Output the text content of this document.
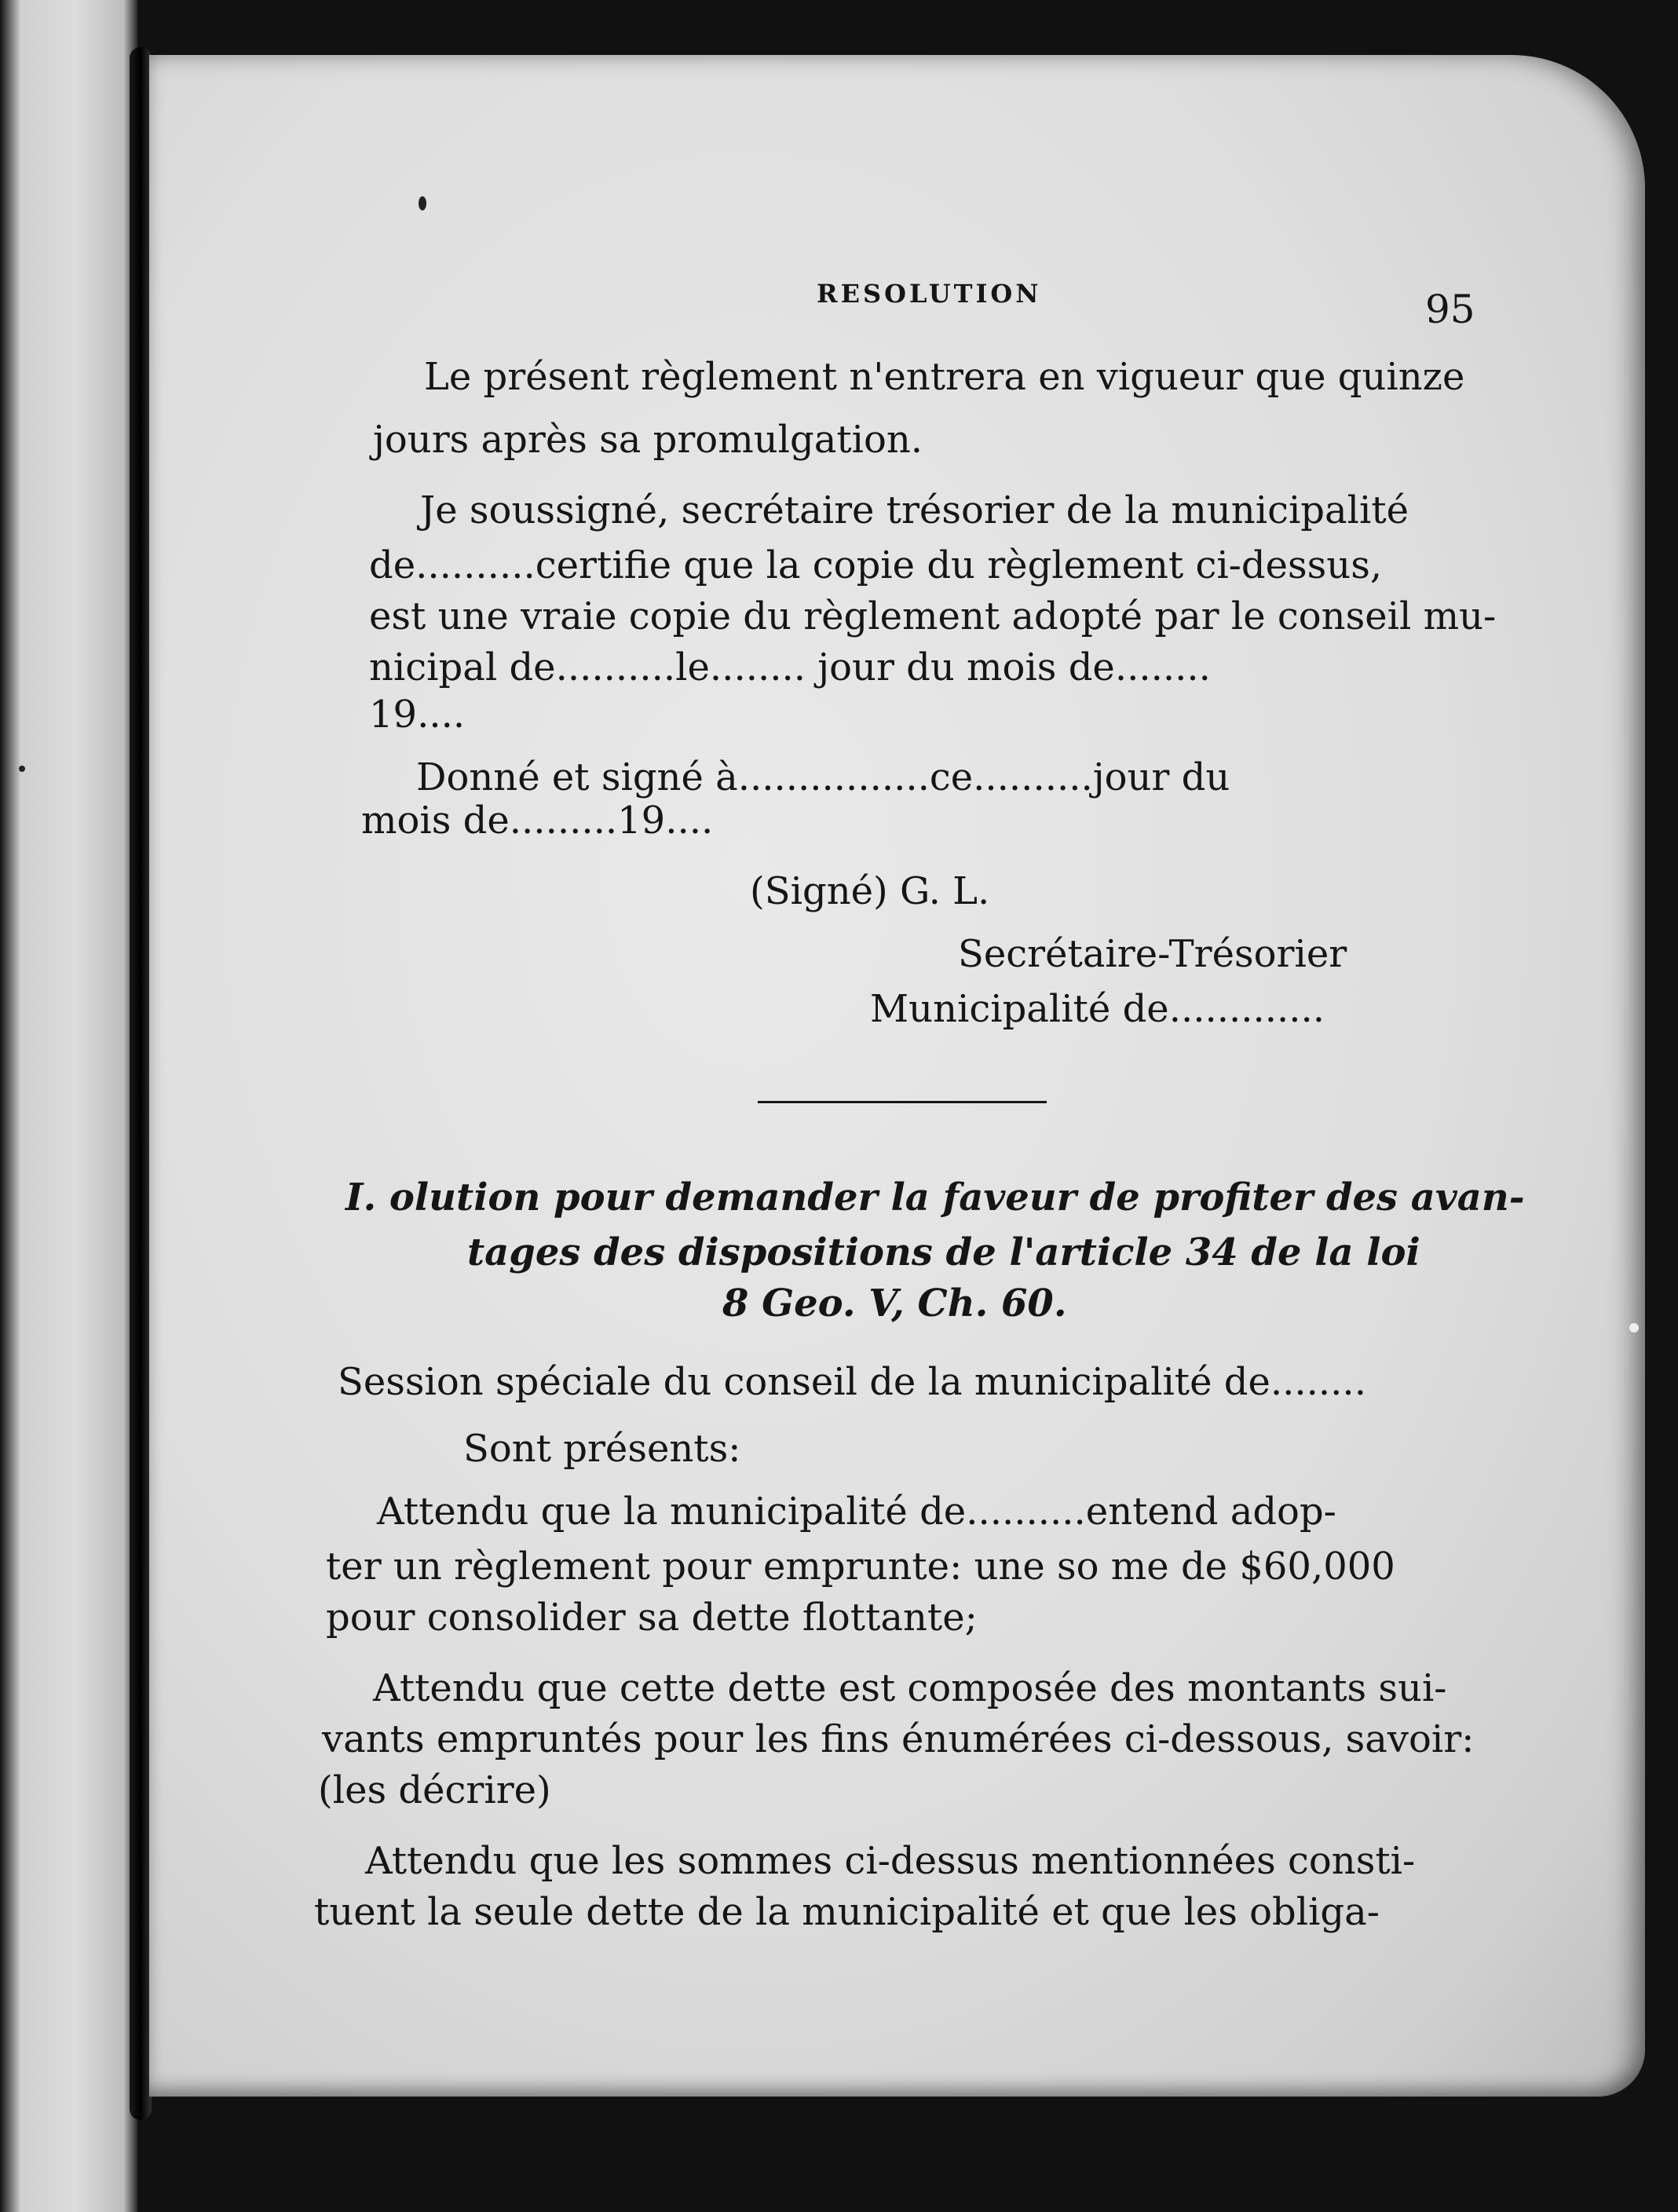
RESOLUTION	95
Le présent règlement n'entrera en vigueur que quinze
jours après sa promulgation.
Je soussigné, secrétaire trésorier de la municipalité
de..........certifie que la copie du règlement ci-dessus,
est une vraie copie du règlement adopté par le conseil mu-
nicipal de..........le........ jour du mois de........
19....
Donné et signé à................ce..........jour du
mois de.........19....
(Signé) G. L.
Secrétaire-Trésorier
Municipalité de.............
I. olution pour demander la faveur de profiter des avan-
tages des dispositions de l'article 34 de la loi
8 Geo. V, Ch. 60.
Session spéciale du conseil de la municipalité de........
Sont présents:
Attendu que la municipalité de..........entend adop-
ter un règlement pour emprunte: une so me de $60,000
pour consolider sa dette flottante;
Attendu que cette dette est composée des montants sui-
vants empruntés pour les fins énumérées ci-dessous, savoir:
(les décrire)
Attendu que les sommes ci-dessus mentionnées consti-
tuent la seule dette de la municipalité et que les obliga-
